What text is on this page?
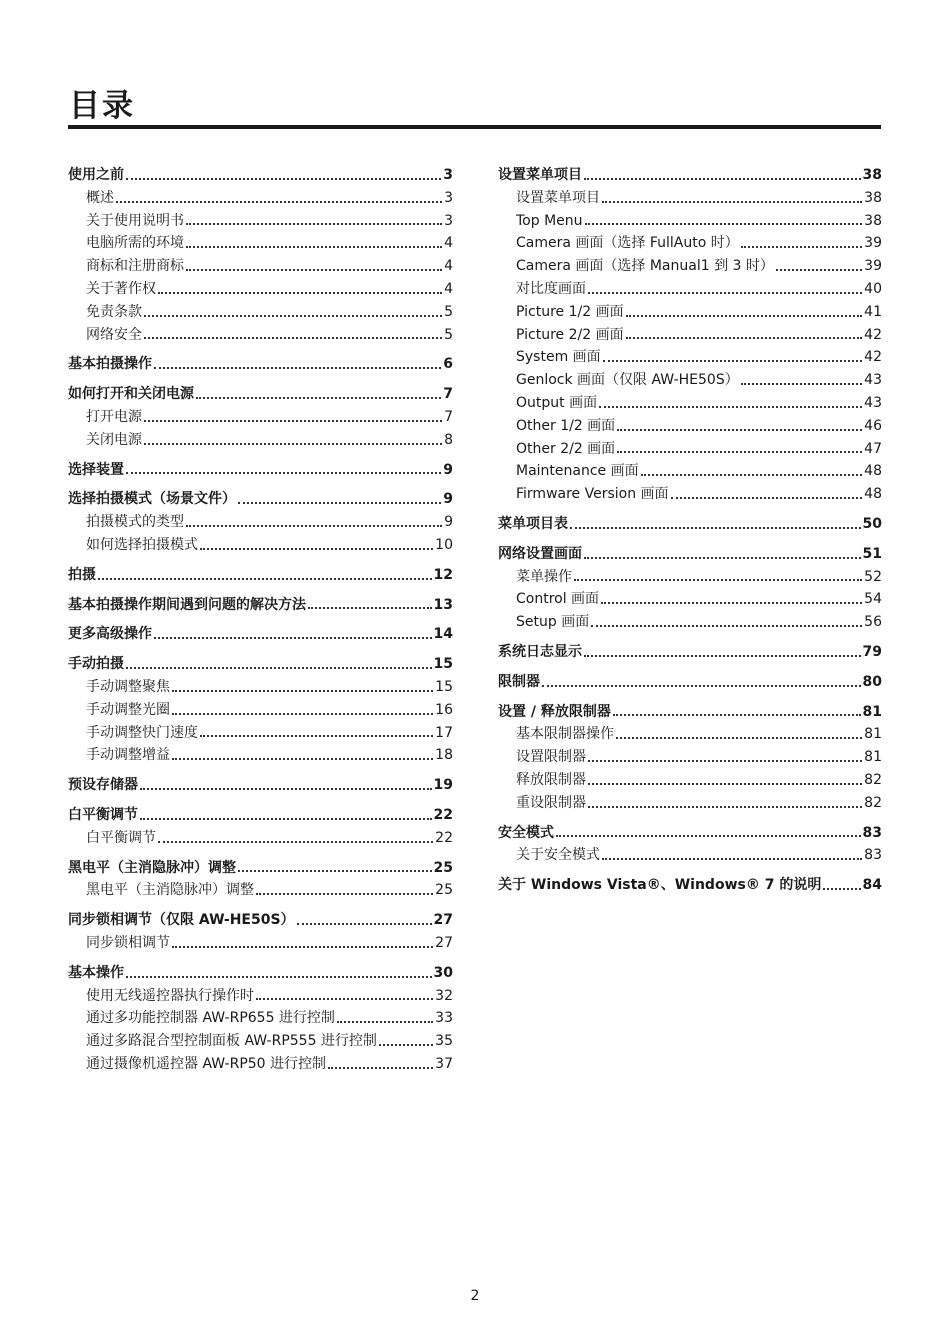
目录
使用之前	3
概述	3
关于使用说明书	3
电脑所需的环境	4
商标和注册商标	4
关于著作权	4
免责条款	5
网络安全	5
基本拍摄操作	6
如何打开和关闭电源	7
打开电源	7
关闭电源	8
选择装置	9
选择拍摄模式（场景文件）	9
拍摄模式的类型	9
如何选择拍摄模式	10
拍摄	12
基本拍摄操作期间遇到问题的解决方法	13
更多高级操作	14
手动拍摄	15
手动调整聚焦	15
手动调整光圈	16
手动调整快门速度	17
手动调整增益	18
预设存储器	19
白平衡调节	22
白平衡调节	22
黑电平（主消隐脉冲）调整	25
黑电平（主消隐脉冲）调整	25
同步锁相调节（仅限 AW-HE50S）	27
同步锁相调节	27
基本操作	30
使用无线遥控器执行操作时	32
通过多功能控制器 AW-RP655 进行控制	33
通过多路混合型控制面板 AW-RP555 进行控制	35
通过摄像机遥控器 AW-RP50 进行控制	37
设置菜单项目	38
设置菜单项目	38
Top Menu	38
Camera 画面（选择 FullAuto 时）	39
Camera 画面（选择 Manual1 到 3 时）	39
对比度画面	40
Picture 1/2 画面	41
Picture 2/2 画面	42
System 画面	42
Genlock 画面（仅限 AW-HE50S）	43
Output 画面	43
Other 1/2 画面	46
Other 2/2 画面	47
Maintenance 画面	48
Firmware Version 画面	48
菜单项目表	50
网络设置画面	51
菜单操作	52
Control 画面	54
Setup 画面	56
系统日志显示	79
限制器	80
设置 / 释放限制器	81
基本限制器操作	81
设置限制器	81
释放限制器	82
重设限制器	82
安全模式	83
关于安全模式	83
关于 Windows Vista®、Windows® 7 的说明	84
2
